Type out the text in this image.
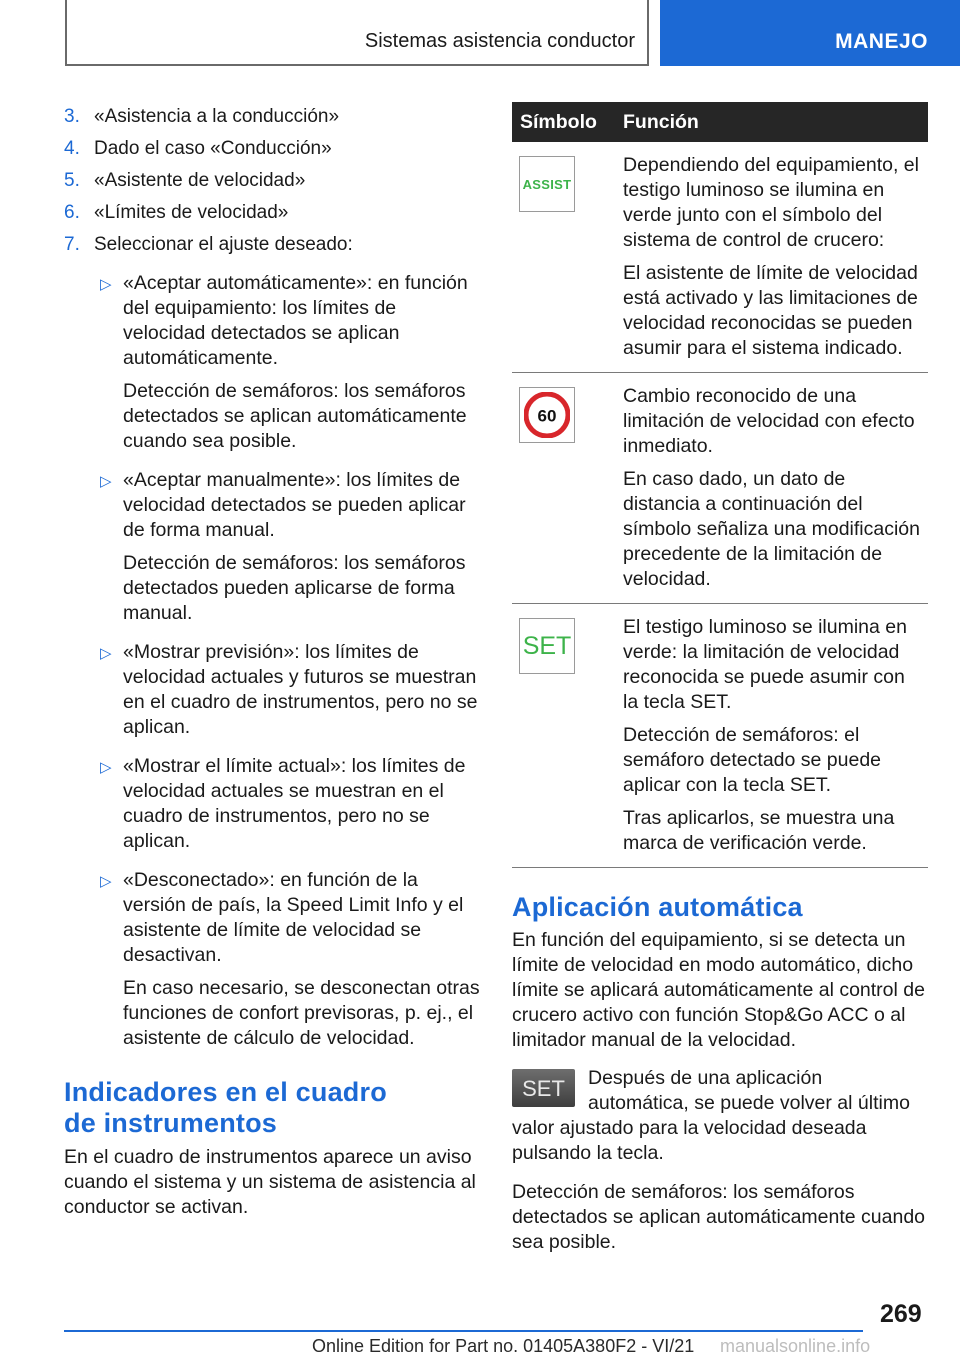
Sistemas asistencia conductor	MANEJO
3. «Asistencia a la conducción»
4. Dado el caso «Conducción»
5. «Asistente de velocidad»
6. «Límites de velocidad»
7. Seleccionar el ajuste deseado:
▷ «Aceptar automáticamente»: en función del equipamiento: los límites de velocidad detectados se aplican automáticamente.

Detección de semáforos: los semáforos detectados se aplican automáticamente cuando sea posible.

▷ «Aceptar manualmente»: los límites de velocidad detectados se pueden aplicar de forma manual.

Detección de semáforos: los semáforos detectados pueden aplicarse de forma manual.

▷ «Mostrar previsión»: los límites de velocidad actuales y futuros se muestran en el cuadro de instrumentos, pero no se aplican.

▷ «Mostrar el límite actual»: los límites de velocidad actuales se muestran en el cuadro de instrumentos, pero no se aplican.

▷ «Desconectado»: en función de la versión de país, la Speed Limit Info y el asistente de límite de velocidad se desactivan.

En caso necesario, se desconectan otras funciones de confort previsoras, p. ej., el asistente de cálculo de velocidad.

Indicadores en el cuadro
de instrumentos

En el cuadro de instrumentos aparece un aviso cuando el sistema y un sistema de asistencia al conductor se activan.

Símbolo	Función

ASSIST	Dependiendo del equipamiento, el testigo luminoso se ilumina en verde junto con el símbolo del sistema de control de crucero:

El asistente de límite de velocidad está activado y las limitaciones de velocidad reconocidas se pueden asumir para el sistema indicado.

60	Cambio reconocido de una limitación de velocidad con efecto inmediato.

En caso dado, un dato de distancia a continuación del símbolo señaliza una modificación precedente de la limitación de velocidad.

SET	El testigo luminoso se ilumina en verde: la limitación de velocidad reconocida se puede asumir con la tecla SET.

Detección de semáforos: el semáforo detectado se puede aplicar con la tecla SET.

Tras aplicarlos, se muestra una marca de verificación verde.

Aplicación automática

En función del equipamiento, si se detecta un límite de velocidad en modo automático, dicho límite se aplicará automáticamente al control de crucero activo con función Stop&Go ACC o al limitador manual de la velocidad.

SET Después de una aplicación automática, se puede volver al último valor ajustado para la velocidad deseada pulsando la tecla.

Detección de semáforos: los semáforos detectados se aplican automáticamente cuando sea posible.

269
Online Edition for Part no. 01405A380F2 - VI/21 manualsonline.info
